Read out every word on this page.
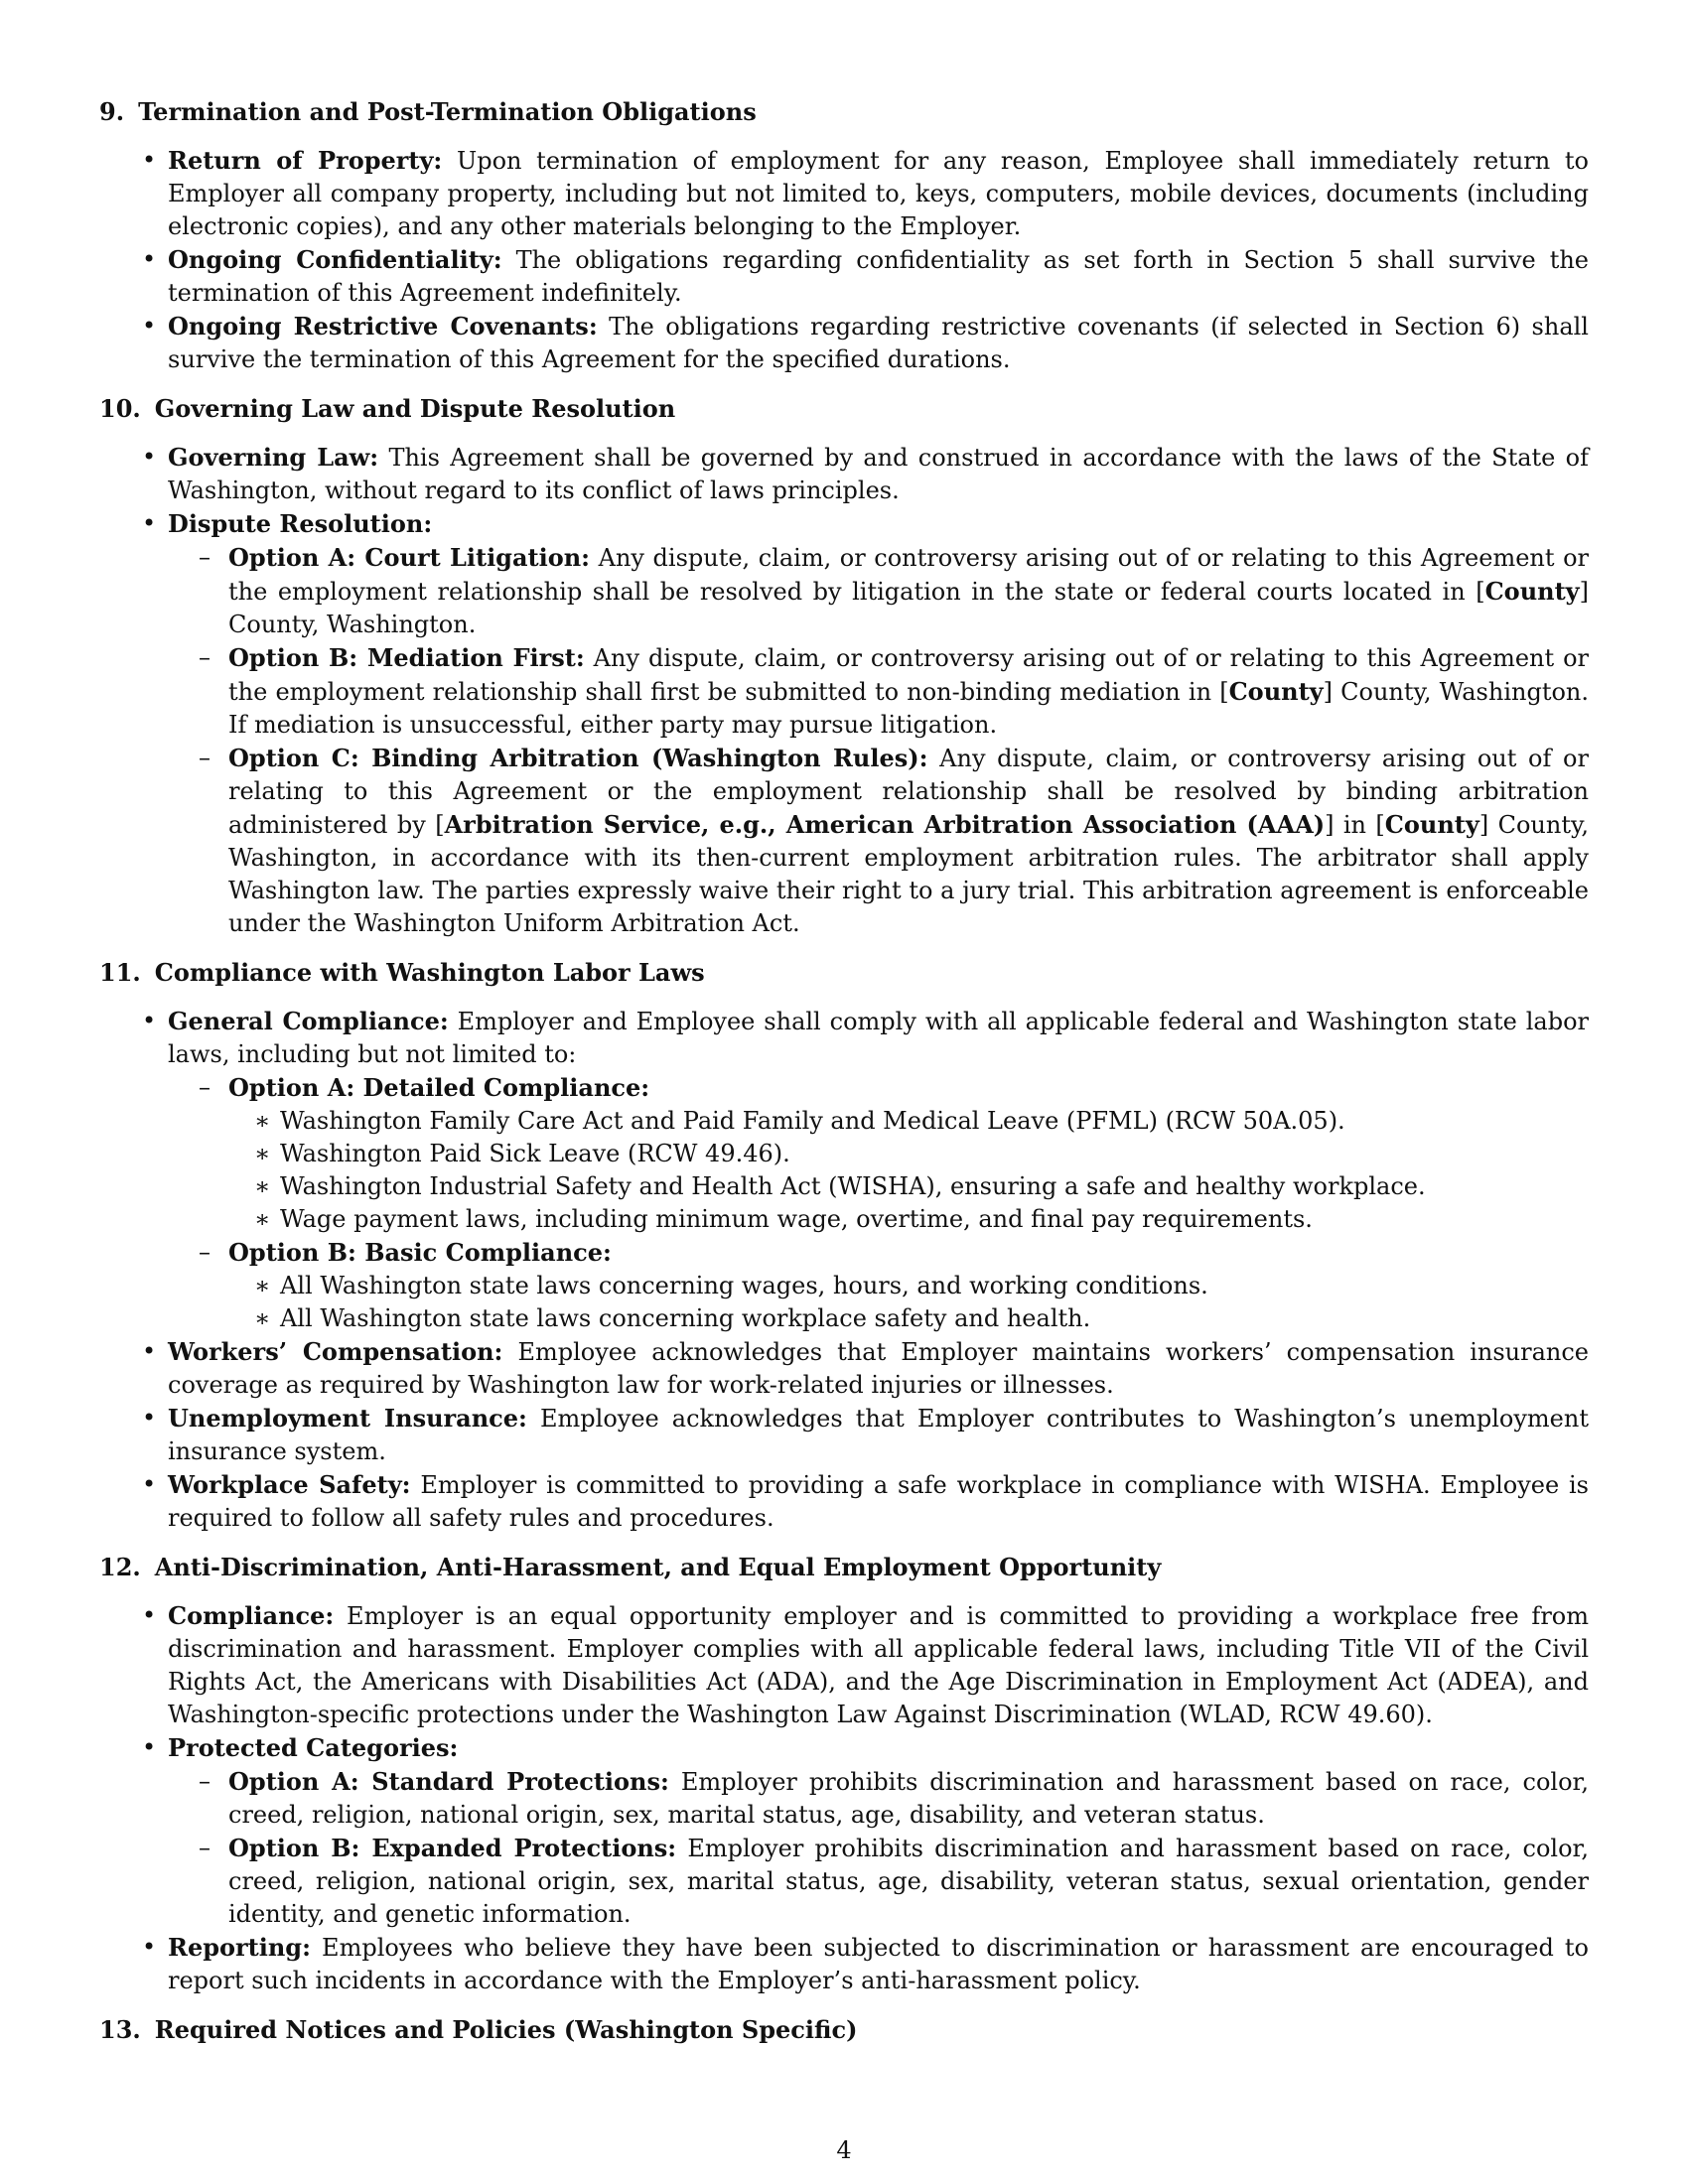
9. Termination and Post-Termination Obligations
• Return of Property: Upon termination of employment for any reason, Employee shall immediately return to Employer all company property, including but not limited to, keys, computers, mobile devices, documents (including electronic copies), and any other materials belonging to the Employer.
• Ongoing Confidentiality: The obligations regarding confidentiality as set forth in Section 5 shall survive the termination of this Agreement indefinitely.
• Ongoing Restrictive Covenants: The obligations regarding restrictive covenants (if selected in Section 6) shall survive the termination of this Agreement for the specified durations.
10. Governing Law and Dispute Resolution
• Governing Law: This Agreement shall be governed by and construed in accordance with the laws of the State of Washington, without regard to its conflict of laws principles.
• Dispute Resolution:
– Option A: Court Litigation: Any dispute, claim, or controversy arising out of or relating to this Agreement or the employment relationship shall be resolved by litigation in the state or federal courts located in [County] County, Washington.
– Option B: Mediation First: Any dispute, claim, or controversy arising out of or relating to this Agreement or the employment relationship shall first be submitted to non-binding mediation in [County] County, Washington. If mediation is unsuccessful, either party may pursue litigation.
– Option C: Binding Arbitration (Washington Rules): Any dispute, claim, or controversy arising out of or relating to this Agreement or the employment relationship shall be resolved by binding arbitration administered by [Arbitration Service, e.g., American Arbitration Association (AAA)] in [County] County, Washington, in accordance with its then-current employment arbitration rules. The arbitrator shall apply Washington law. The parties expressly waive their right to a jury trial. This arbitration agreement is enforceable under the Washington Uniform Arbitration Act.
11. Compliance with Washington Labor Laws
• General Compliance: Employer and Employee shall comply with all applicable federal and Washington state labor laws, including but not limited to:
– Option A: Detailed Compliance:
∗ Washington Family Care Act and Paid Family and Medical Leave (PFML) (RCW 50A.05).
∗ Washington Paid Sick Leave (RCW 49.46).
∗ Washington Industrial Safety and Health Act (WISHA), ensuring a safe and healthy workplace.
∗ Wage payment laws, including minimum wage, overtime, and final pay requirements.
– Option B: Basic Compliance:
∗ All Washington state laws concerning wages, hours, and working conditions.
∗ All Washington state laws concerning workplace safety and health.
• Workers’ Compensation: Employee acknowledges that Employer maintains workers’ compensation insurance coverage as required by Washington law for work-related injuries or illnesses.
• Unemployment Insurance: Employee acknowledges that Employer contributes to Washington’s unemployment insurance system.
• Workplace Safety: Employer is committed to providing a safe workplace in compliance with WISHA. Employee is required to follow all safety rules and procedures.
12. Anti-Discrimination, Anti-Harassment, and Equal Employment Opportunity
• Compliance: Employer is an equal opportunity employer and is committed to providing a workplace free from discrimination and harassment. Employer complies with all applicable federal laws, including Title VII of the Civil Rights Act, the Americans with Disabilities Act (ADA), and the Age Discrimination in Employment Act (ADEA), and Washington-specific protections under the Washington Law Against Discrimination (WLAD, RCW 49.60).
• Protected Categories:
– Option A: Standard Protections: Employer prohibits discrimination and harassment based on race, color, creed, religion, national origin, sex, marital status, age, disability, and veteran status.
– Option B: Expanded Protections: Employer prohibits discrimination and harassment based on race, color, creed, religion, national origin, sex, marital status, age, disability, veteran status, sexual orientation, gender identity, and genetic information.
• Reporting: Employees who believe they have been subjected to discrimination or harassment are encouraged to report such incidents in accordance with the Employer’s anti-harassment policy.
13. Required Notices and Policies (Washington Specific)
4
